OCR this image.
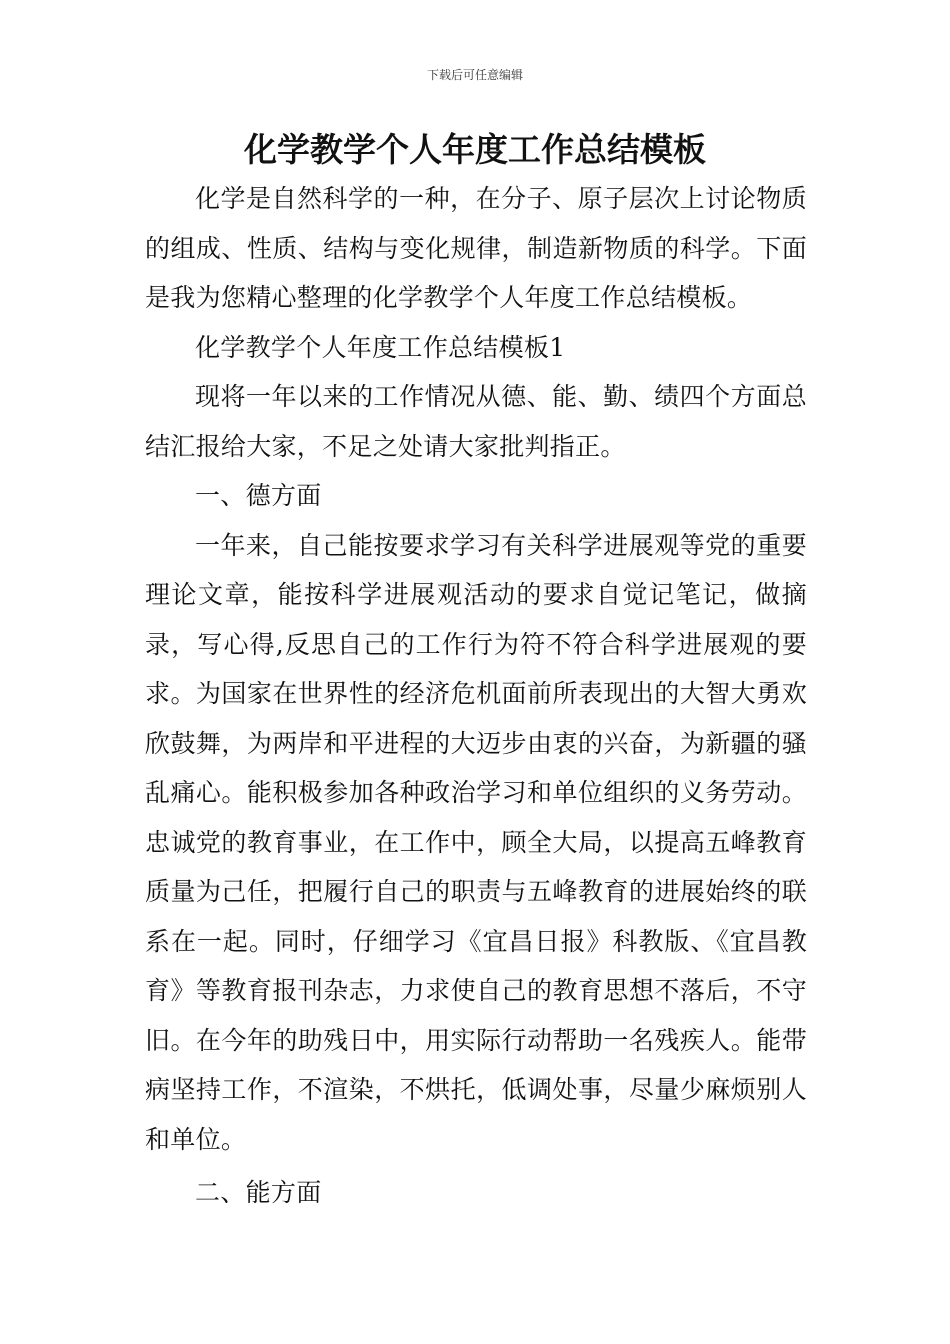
下载后可任意编辑
化学教学个人年度工作总结模板

化学是自然科学的一种，在分子、原子层次上讨论物质的组成、性质、结构与变化规律，制造新物质的科学。下面是我为您精心整理的化学教学个人年度工作总结模板。

化学教学个人年度工作总结模板1

现将一年以来的工作情况从德、能、勤、绩四个方面总结汇报给大家，不足之处请大家批判指正。

一、德方面

一年来，自己能按要求学习有关科学进展观等党的重要理论文章，能按科学进展观活动的要求自觉记笔记，做摘录，写心得,反思自己的工作行为符不符合科学进展观的要求。为国家在世界性的经济危机面前所表现出的大智大勇欢欣鼓舞，为两岸和平进程的大迈步由衷的兴奋，为新疆的骚乱痛心。能积极参加各种政治学习和单位组织的义务劳动。忠诚党的教育事业，在工作中，顾全大局，以提高五峰教育质量为己任，把履行自己的职责与五峰教育的进展始终的联系在一起。同时，仔细学习《宜昌日报》科教版、《宜昌教育》等教育报刊杂志，力求使自己的教育思想不落后，不守旧。在今年的助残日中，用实际行动帮助一名残疾人。能带病坚持工作，不渲染，不烘托，低调处事，尽量少麻烦别人和单位。

二、能方面
